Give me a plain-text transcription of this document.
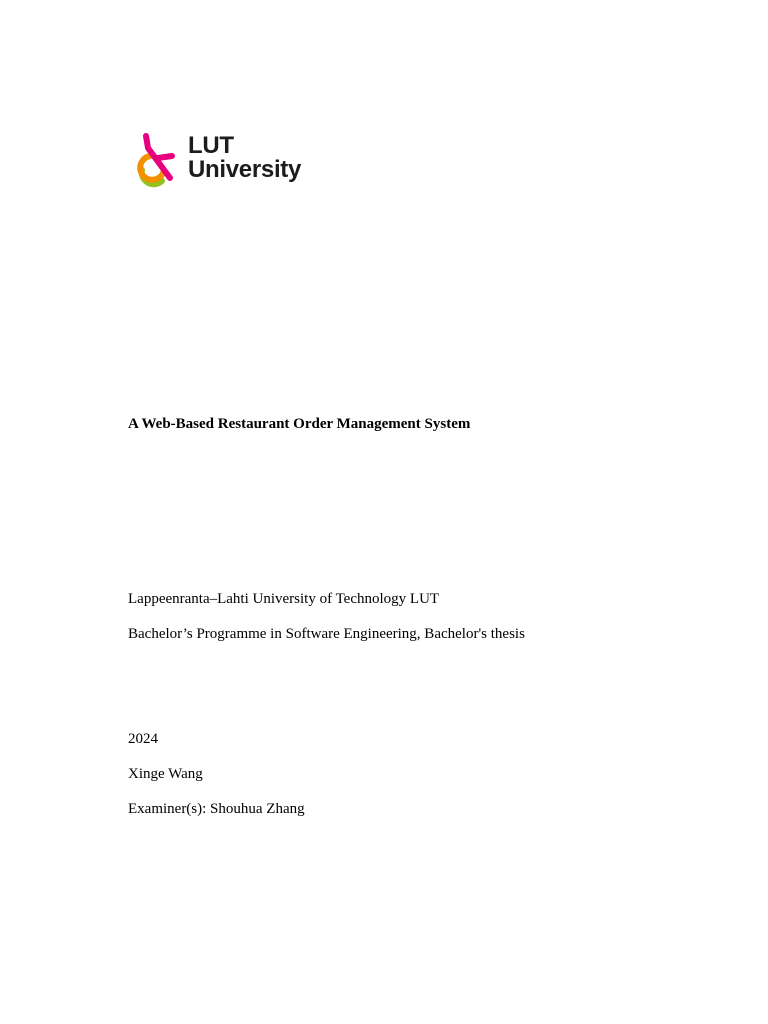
LUT
University
A Web-Based Restaurant Order Management System
Lappeenranta–Lahti University of Technology LUT
Bachelor’s Programme in Software Engineering, Bachelor's thesis
2024
Xinge Wang
Examiner(s): Shouhua Zhang
